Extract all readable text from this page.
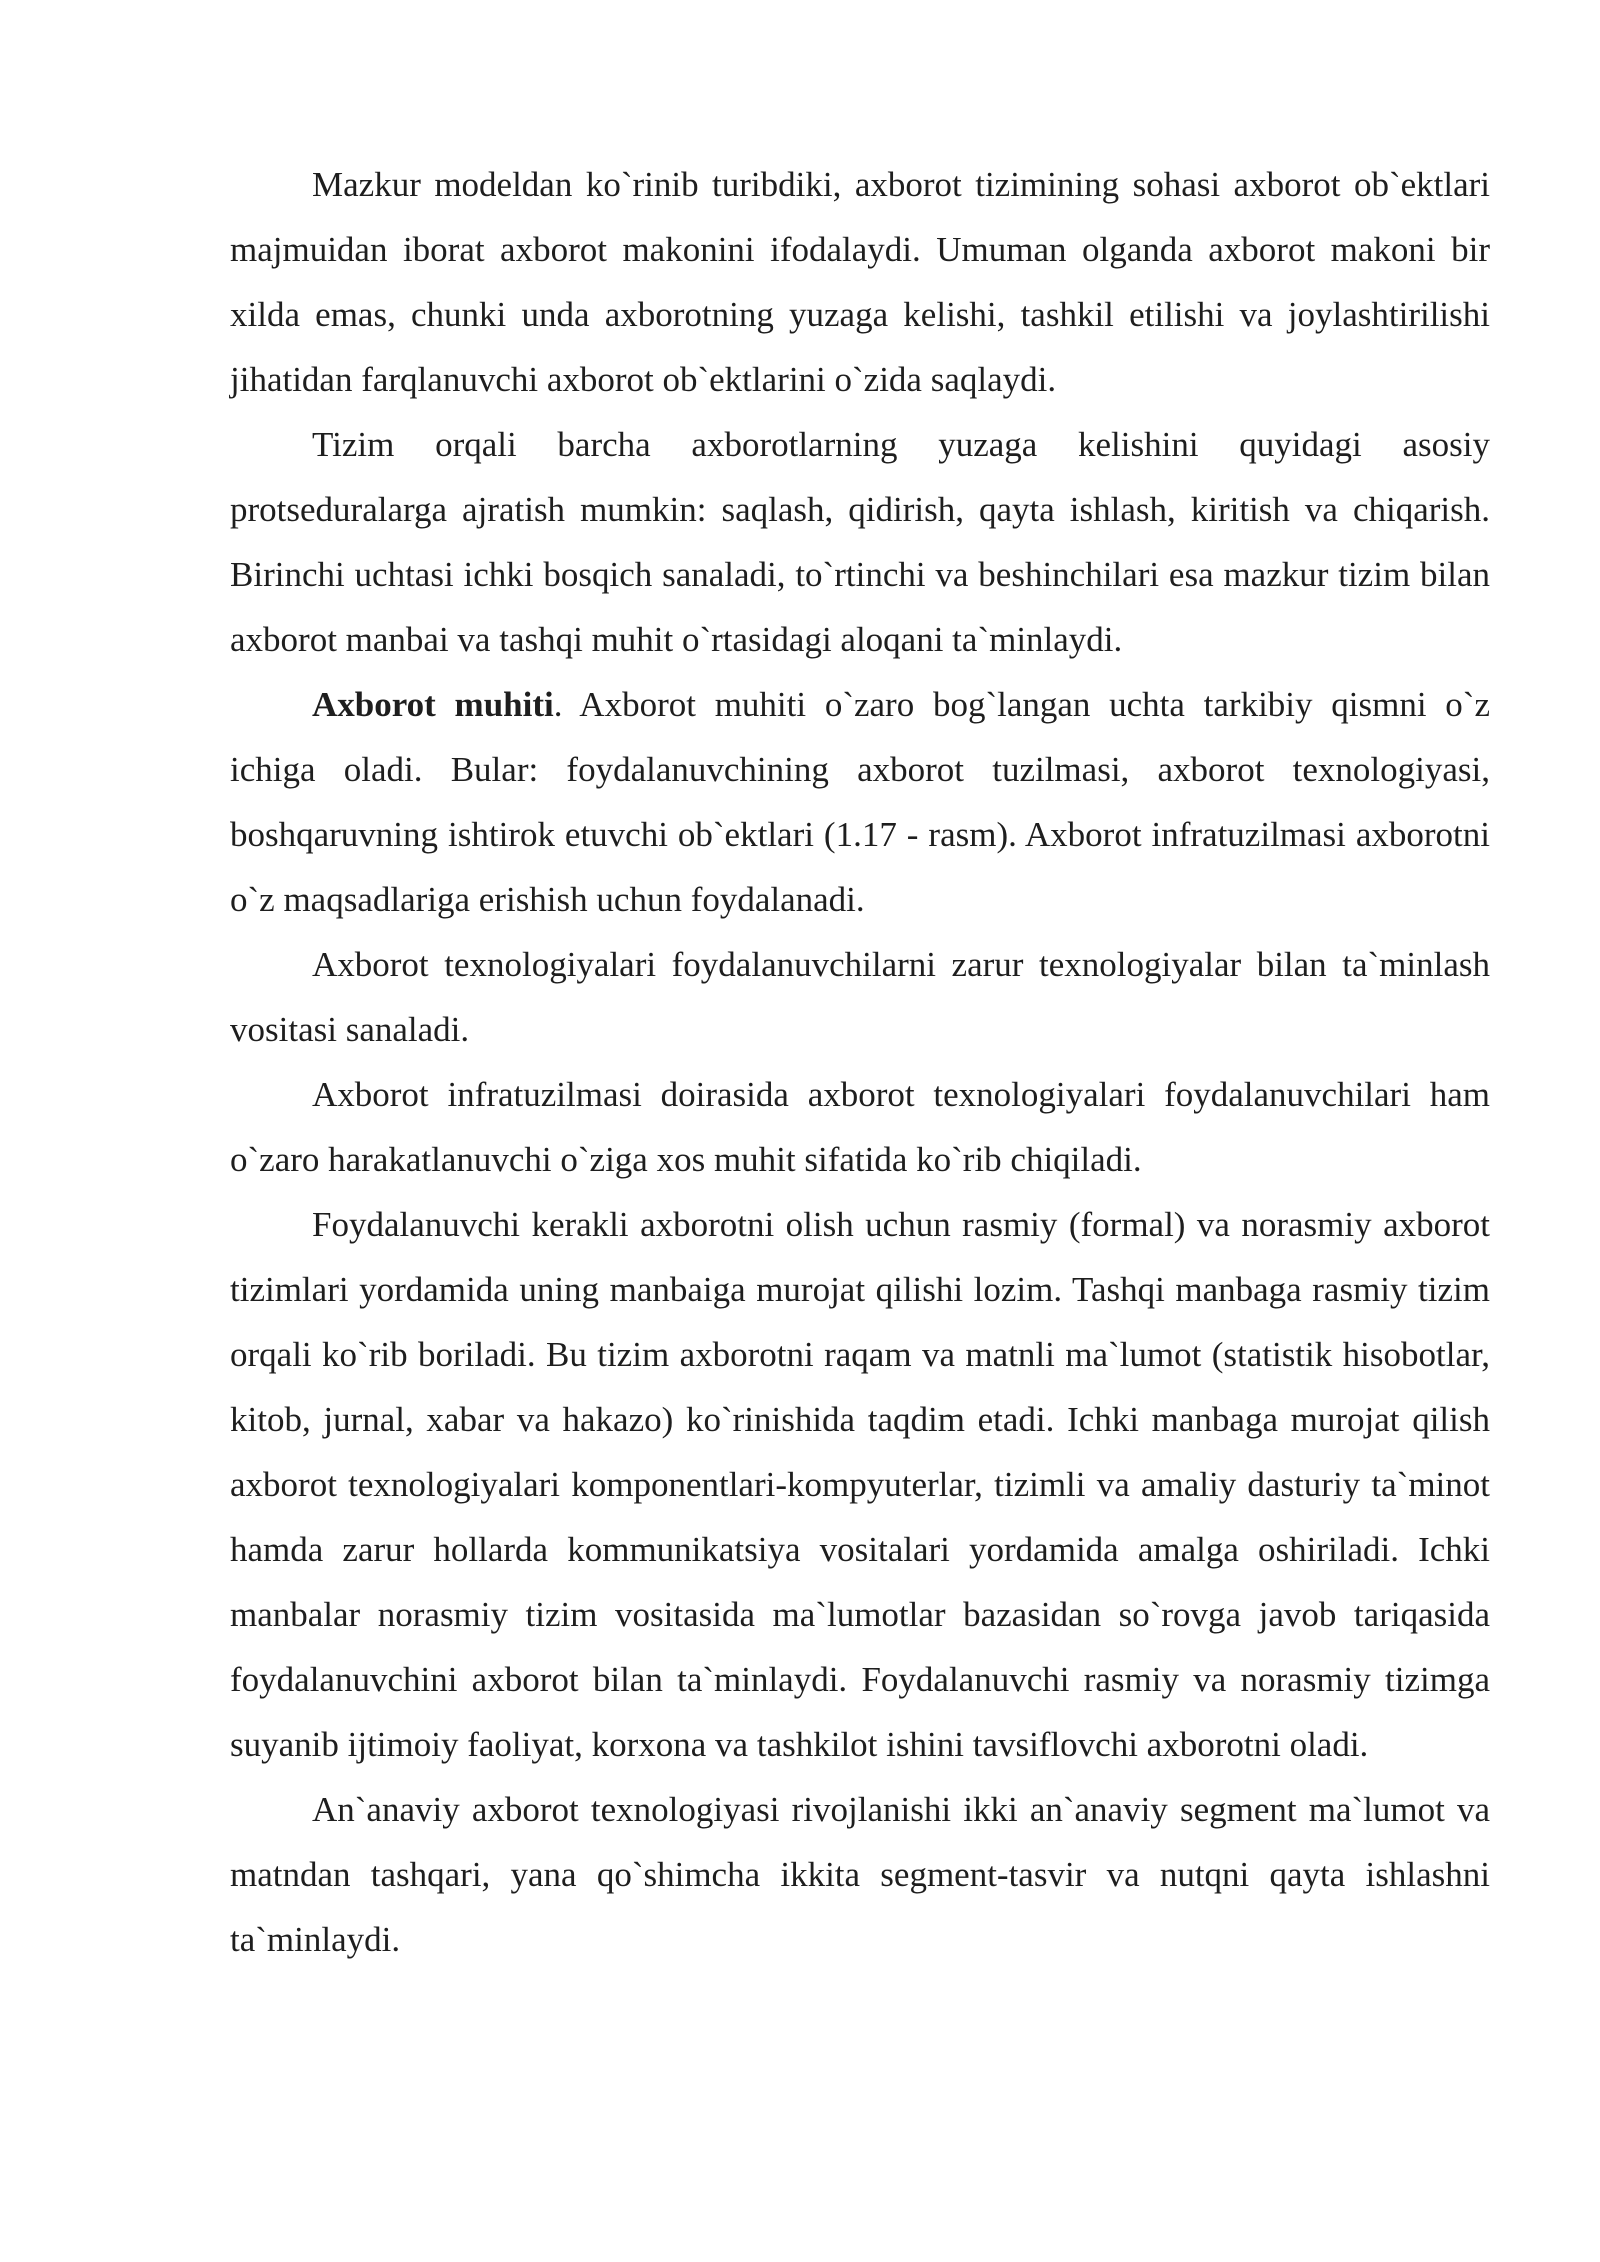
Mazkur modeldan ko`rinib turibdiki, axborot tizimining sohasi axborot ob`ektlari majmuidan iborat axborot makonini ifodalaydi. Umuman olganda axborot makoni bir xilda emas, chunki unda axborotning yuzaga kelishi, tashkil etilishi va joylashtirilishi jihatidan farqlanuvchi axborot ob`ektlarini o`zida saqlaydi.

Tizim orqali barcha axborotlarning yuzaga kelishini quyidagi asosiy protseduralarga ajratish mumkin: saqlash, qidirish, qayta ishlash, kiritish va chiqarish. Birinchi uchtasi ichki bosqich sanaladi, to`rtinchi va beshinchilari esa mazkur tizim bilan axborot manbai va tashqi muhit o`rtasidagi aloqani ta`minlaydi.

Axborot muhiti. Axborot muhiti o`zaro bog`langan uchta tarkibiy qismni o`z ichiga oladi. Bular: foydalanuvchining axborot tuzilmasi, axborot texnologiyasi, boshqaruvning ishtirok etuvchi ob`ektlari (1.17 - rasm). Axborot infratuzilmasi axborotni o`z maqsadlariga erishish uchun foydalanadi.

Axborot texnologiyalari foydalanuvchilarni zarur texnologiyalar bilan ta`minlash vositasi sanaladi.

Axborot infratuzilmasi doirasida axborot texnologiyalari foydalanuvchilari ham o`zaro harakatlanuvchi o`ziga xos muhit sifatida ko`rib chiqiladi.

Foydalanuvchi kerakli axborotni olish uchun rasmiy (formal) va norasmiy axborot tizimlari yordamida uning manbaiga murojat qilishi lozim. Tashqi manbaga rasmiy tizim orqali ko`rib boriladi. Bu tizim axborotni raqam va matnli ma`lumot (statistik hisobotlar, kitob, jurnal, xabar va hakazo) ko`rinishida taqdim etadi. Ichki manbaga murojat qilish axborot texnologiyalari komponentlari-kompyuterlar, tizimli va amaliy dasturiy ta`minot hamda zarur hollarda kommunikatsiya vositalari yordamida amalga oshiriladi. Ichki manbalar norasmiy tizim vositasida ma`lumotlar bazasidan so`rovga javob tariqasida foydalanuvchini axborot bilan ta`minlaydi. Foydalanuvchi rasmiy va norasmiy tizimga suyanib ijtimoiy faoliyat, korxona va tashkilot ishini tavsiflovchi axborotni oladi.

An`anaviy axborot texnologiyasi rivojlanishi ikki an`anaviy segment ma`lumot va matndan tashqari, yana qo`shimcha ikkita segment-tasvir va nutqni qayta ishlashni ta`minlaydi.
